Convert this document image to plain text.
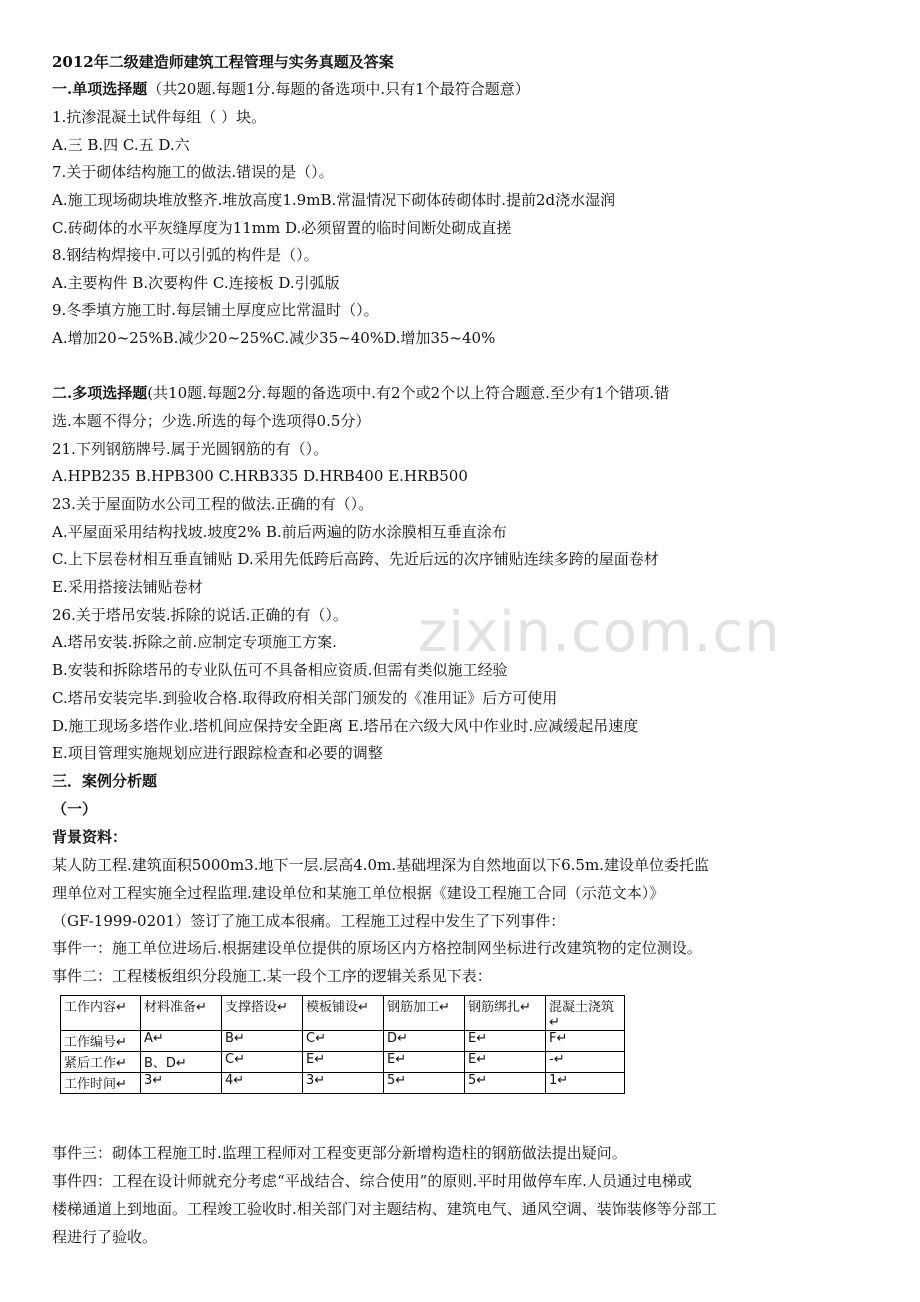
zixin.com.cn
2012年二级建造师建筑工程管理与实务真题及答案
一.单项选择题（共20题.每题1分.每题的备选项中.只有1个最符合题意）
1.抗渗混凝土试件每组（ ）块。
A.三 B.四 C.五 D.六
7.关于砌体结构施工的做法.错误的是（）。
A.施工现场砌块堆放整齐.堆放高度1.9mB.常温情况下砌体砖砌体时.提前2d浇水湿润
C.砖砌体的水平灰缝厚度为11mm D.必须留置的临时间断处砌成直搓
8.钢结构焊接中.可以引弧的构件是（）。
A.主要构件 B.次要构件 C.连接板 D.引弧版
9.冬季填方施工时.每层铺土厚度应比常温时（）。
A.增加20~25%B.减少20~25%C.减少35~40%D.增加35~40%
二.多项选择题(共10题.每题2分.每题的备选项中.有2个或2个以上符合题意.至少有1个错项.错
选.本题不得分；少选.所选的每个选项得0.5分）
21.下列钢筋牌号.属于光圆钢筋的有（）。
A.HPB235 B.HPB300 C.HRB335 D.HRB400 E.HRB500
23.关于屋面防水公司工程的做法.正确的有（）。
A.平屋面采用结构找坡.坡度2% B.前后两遍的防水涂膜相互垂直涂布
C.上下层卷材相互垂直铺贴 D.采用先低跨后高跨、先近后远的次序铺贴连续多跨的屋面卷材
E.采用搭接法铺贴卷材
26.关于塔吊安装.拆除的说话.正确的有（）。
A.塔吊安装.拆除之前.应制定专项施工方案.
B.安装和拆除塔吊的专业队伍可不具备相应资质.但需有类似施工经验
C.塔吊安装完毕.到验收合格.取得政府相关部门颁发的《准用证》后方可使用
D.施工现场多塔作业.塔机间应保持安全距离 E.塔吊在六级大风中作业时.应减缓起吊速度
E.项目管理实施规划应进行跟踪检查和必要的调整
三．案例分析题
（一）
背景资料：
某人防工程.建筑面积5000m3.地下一层.层高4.0m.基础埋深为自然地面以下6.5m.建设单位委托监
理单位对工程实施全过程监理.建设单位和某施工单位根据《建设工程施工合同（示范文本）》
（GF-1999-0201）签订了施工成本很痛。工程施工过程中发生了下列事件：
事件一：施工单位进场后.根据建设单位提供的原场区内方格控制网坐标进行改建筑物的定位测设。
事件二：工程楼板组织分段施工.某一段个工序的逻辑关系见下表：
事件三：砌体工程施工时.监理工程师对工程变更部分新增构造柱的钢筋做法提出疑问。
事件四：工程在设计师就充分考虑“平战结合、综合使用”的原则.平时用做停车库.人员通过电梯或
楼梯通道上到地面。工程竣工验收时.相关部门对主题结构、建筑电气、通风空调、装饰装修等分部工
程进行了验收。
工作内容↵	材料准备↵	支撑搭设↵	模板铺设↵	钢筋加工↵	钢筋绑扎↵	混凝土浇筑↵
工作编号↵	A↵	B↵	C↵	D↵	E↵	F↵
紧后工作↵	B、D↵	C↵	E↵	E↵	E↵	-↵
工作时间↵	3↵	4↵	3↵	5↵	5↵	1↵
